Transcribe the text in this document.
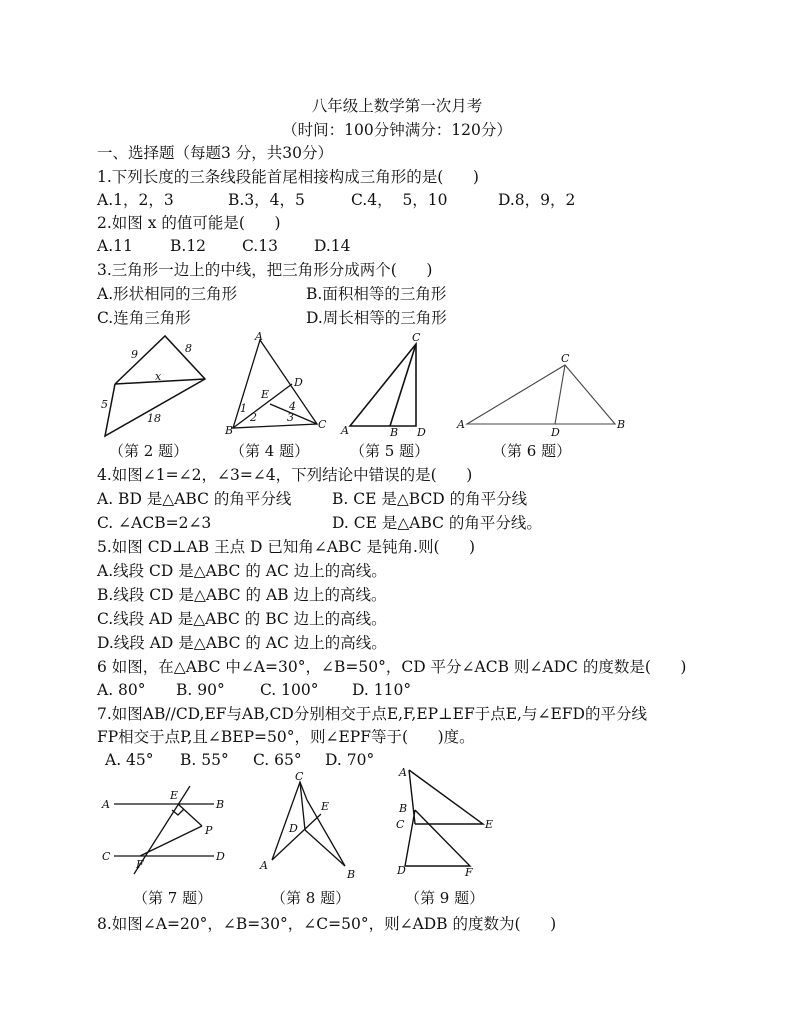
八年级上数学第一次月考
（时间：100分钟满分：120分）
一、选择题（每题3 分，共30分）
1.下列长度的三条线段能首尾相接构成三角形的是(      )
A.1，2，3	B.3，4，5	C.4，  5，10	D.8，9，2
2.如图 x 的值可能是(      )
A.11 B.12 C.13 D.14
3.三角形一边上的中线，把三角形分成两个(      )
A.形状相同的三角形	B.面积相等的三角形
C.连角三角形	D.周长相等的三角形
8
9
x
5
18
A
B	C
D
E
1
2	3
4
A	B
C
D
A	B
C
D
（第 2 题）	（第 4 题）	（第 5 题）	（第 6 题）
4.如图∠1=∠2，∠3=∠4，下列结论中错误的是(      )
A. BD 是△ABC 的角平分线	B. CE 是△BCD 的角平分线
C. ∠ACB=2∠3	D. CE 是△ABC 的角平分线。
5.如图 CD⊥AB 王点 D 已知角∠ABC 是钝角.则(      )
A.线段 CD 是△ABC 的 AC 边上的高线。
B.线段 CD 是△ABC 的 AB 边上的高线。
C.线段 AD 是△ABC 的 BC 边上的高线。
D.线段 AD 是△ABC 的 AC 边上的高线。
6 如图，在△ABC 中∠A=30°，∠B=50°，CD 平分∠ACB 则∠ADC 的度数是(      )
A. 80° B. 90° C. 100° D. 110°
7.如图AB//CD,EF与AB,CD分别相交于点E,F,EP⊥EF于点E,与∠EFD的平分线
FP相交于点P,且∠BEP=50°，则∠EPF等于(      )度。
A. 45° B. 55° C. 65° D. 70°
A	B
C	D
E
F
P
C
E
D
A
B
A
B
C
D
E
F
（第 7 题）	（第 8 题）	（第 9 题）
8.如图∠A=20°，∠B=30°，∠C=50°，则∠ADB 的度数为(      )
